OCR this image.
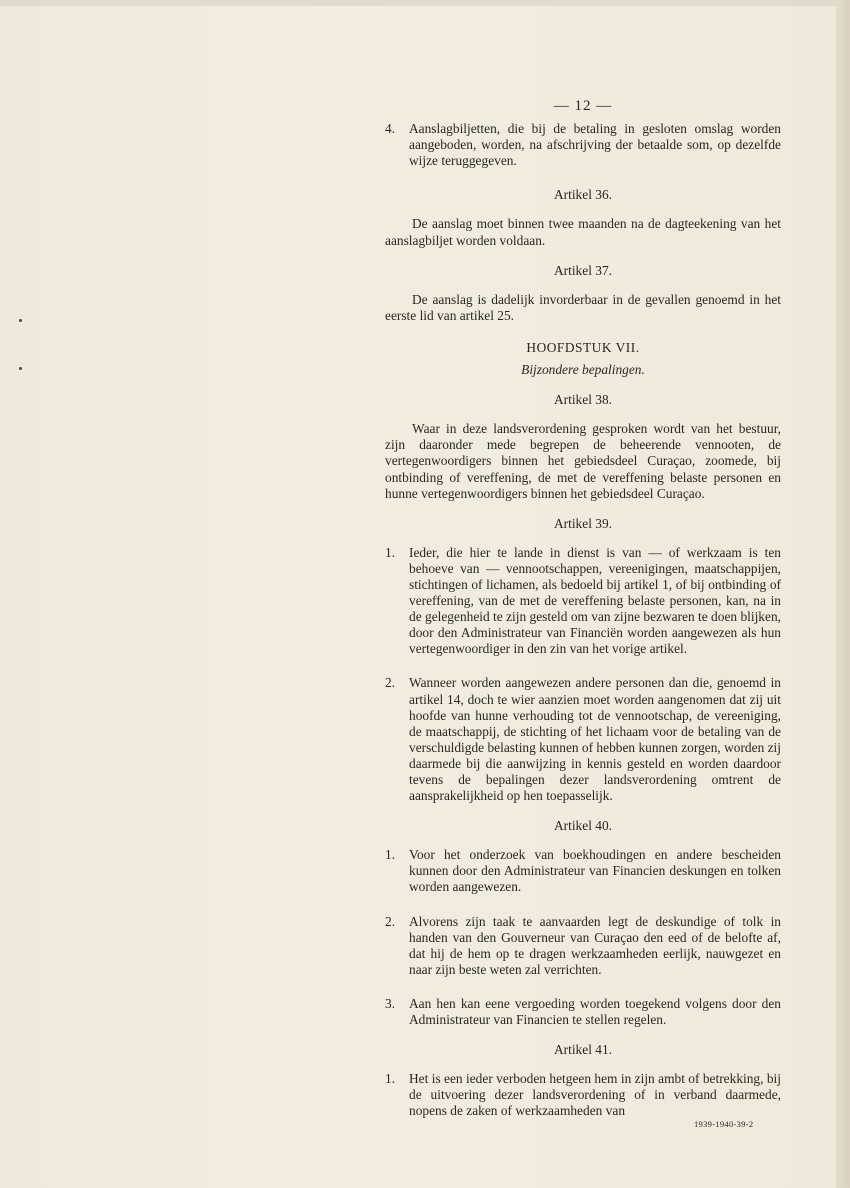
— 12 —
4.	Aanslagbiljetten, die bij de betaling in gesloten omslag worden aangeboden, worden, na afschrijving der betaalde som, op dezelfde wijze teruggegeven.
Artikel 36.
De aanslag moet binnen twee maanden na de dagteekening van het aanslagbiljet worden voldaan.
Artikel 37.
De aanslag is dadelijk invorderbaar in de gevallen genoemd in het eerste lid van artikel 25.
HOOFDSTUK VII.
Bijzondere bepalingen.
Artikel 38.
Waar in deze landsverordening gesproken wordt van het bestuur, zijn daaronder mede begrepen de beheerende vennooten, de vertegenwoordigers binnen het gebiedsdeel Curaçao, zoomede, bij ontbinding of vereffening, de met de vereffening belaste personen en hunne vertegenwoordigers binnen het gebiedsdeel Curaçao.
Artikel 39.
1.	Ieder, die hier te lande in dienst is van — of werkzaam is ten behoeve van — vennootschappen, vereenigingen, maatschappijen, stichtingen of lichamen, als bedoeld bij artikel 1, of bij ontbinding of vereffening, van de met de vereffening belaste personen, kan, na in de gelegenheid te zijn gesteld om van zijne bezwaren te doen blijken, door den Administrateur van Financiën worden aangewezen als hun vertegenwoordiger in den zin van het vorige artikel.
2.	Wanneer worden aangewezen andere personen dan die, genoemd in artikel 14, doch te wier aanzien moet worden aangenomen dat zij uit hoofde van hunne verhouding tot de vennootschap, de vereeniging, de maatschappij, de stichting of het lichaam voor de betaling van de verschuldigde belasting kunnen of hebben kunnen zorgen, worden zij daarmede bij die aanwijzing in kennis gesteld en worden daardoor tevens de bepalingen dezer landsverordening omtrent de aansprakelijkheid op hen toepasselijk.
Artikel 40.
1.	Voor het onderzoek van boekhoudingen en andere bescheiden kunnen door den Administrateur van Financien deskungen en tolken worden aangewezen.
2.	Alvorens zijn taak te aanvaarden legt de deskundige of tolk in handen van den Gouverneur van Curaçao den eed of de belofte af, dat hij de hem op te dragen werkzaamheden eerlijk, nauwgezet en naar zijn beste weten zal verrichten.
3.	Aan hen kan eene vergoeding worden toegekend volgens door den Administrateur van Financien te stellen regelen.
Artikel 41.
1.	Het is een ieder verboden hetgeen hem in zijn ambt of betrekking, bij de uitvoering dezer landsverordening of in verband daarmede, nopens de zaken of werkzaamheden van
1939-1940-39-2
